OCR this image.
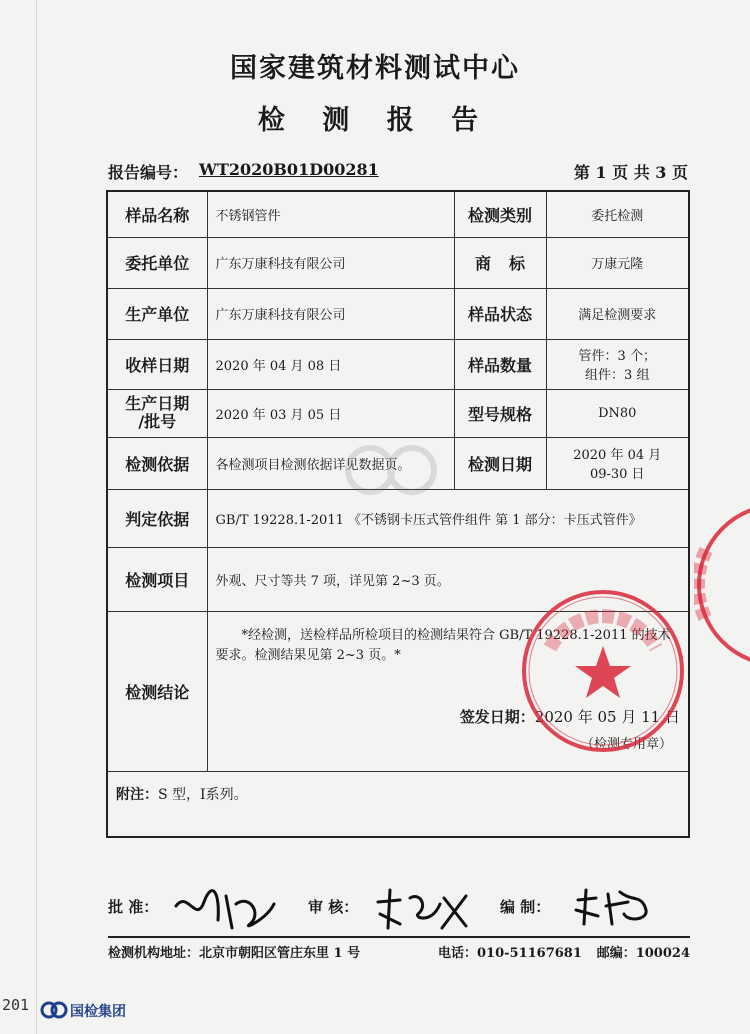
国家建筑材料测试中心
检 测 报 告
报告编号： WT2020B01D00281	第 1 页 共 3 页
样品名称	不锈钢管件	检测类别	委托检测
委托单位	广东万康科技有限公司	商标	万康元隆
生产单位	广东万康科技有限公司	样品状态	满足检测要求
收样日期	2020 年 04 月 08 日	样品数量	管件：3 个；
组件：3 组

生产日期
/批号	2020 年 03 月 05 日	型号规格	DN80
检测依据	各检测项目检测依据详见数据页。	检测日期	2020 年 04 月
09-30 日

判定依据	GB/T 19228.1-2011 《不锈钢卡压式管件组件 第 1 部分：卡压式管件》		
检测项目	外观、尺寸等共 7 项，详见第 2~3 页。		
检测结论	*经检测，送检样品所检项目的检测结果符合 GB/T 19228.1-2011 的技术要求。检测结果见第 2~3 页。*
签发日期：2020 年 05 月 11 日
（检测专用章）		

附注：S 型，I系列。			
批 准：	审 核：	编 制：
检测机构地址：北京市朝阳区管庄东里 1 号	电话：010-51167681 邮编：100024
201	国检集团
